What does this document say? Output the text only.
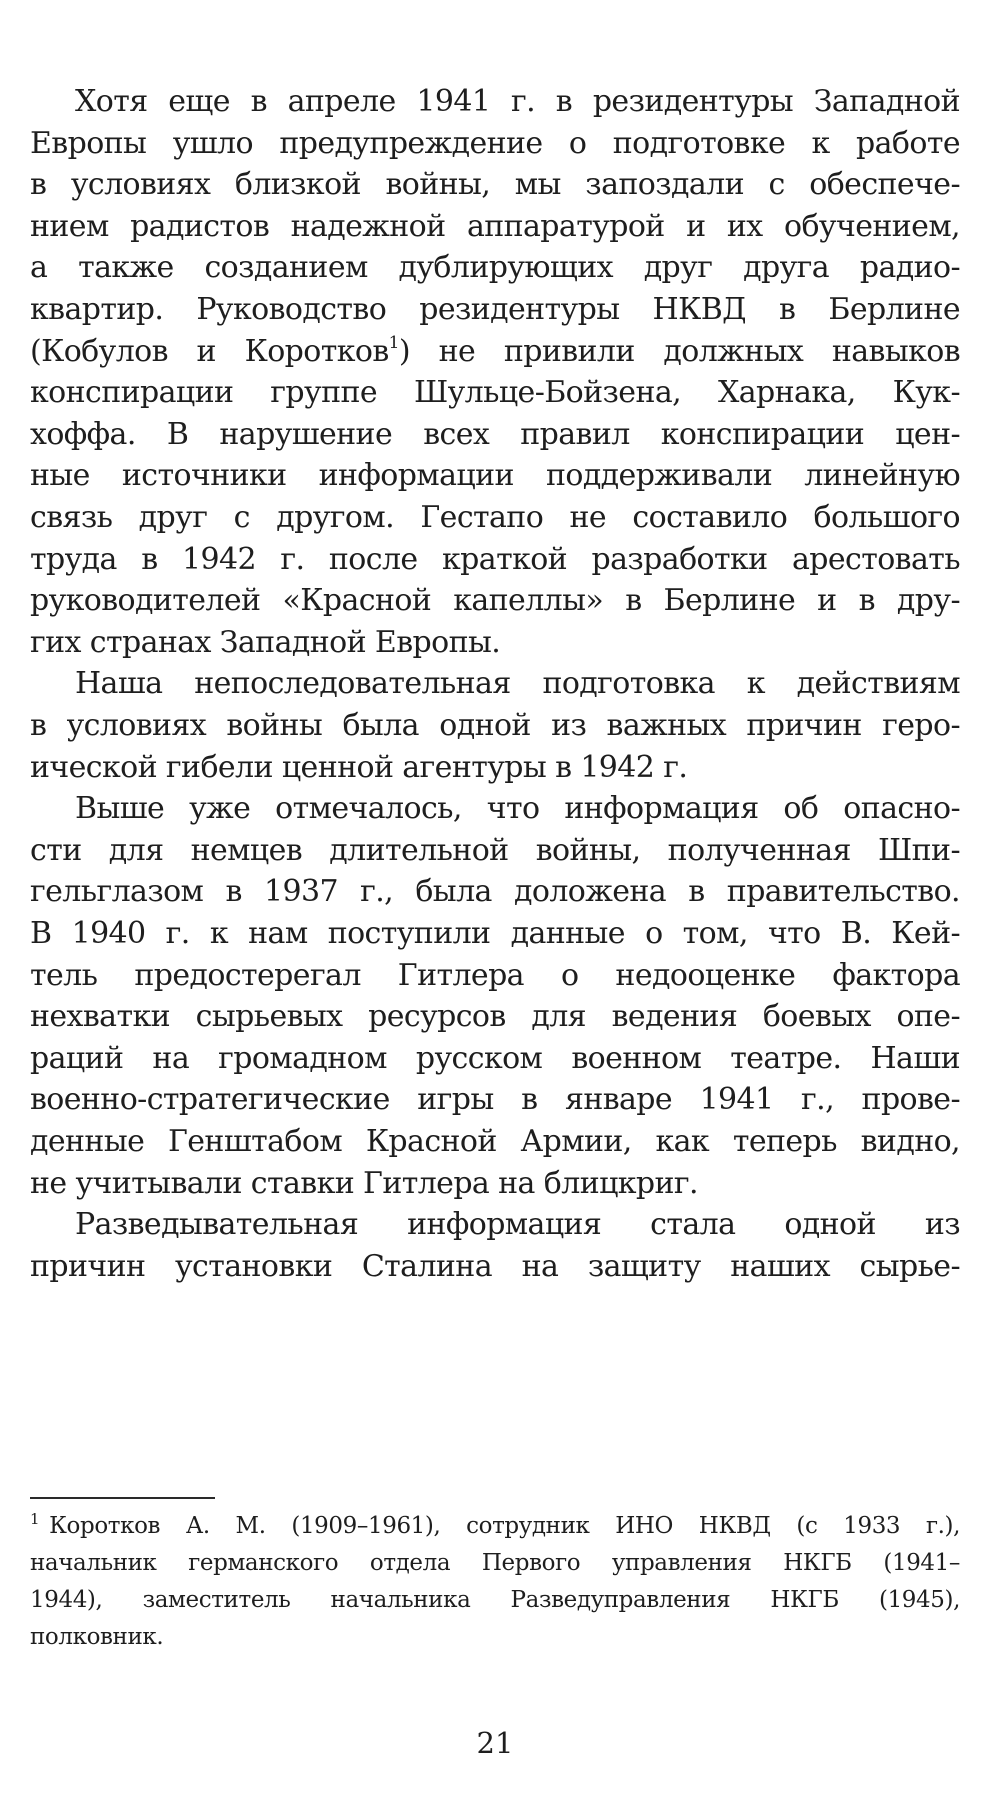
Хотя еще в апреле 1941 г. в резидентуры Западной
Европы ушло предупреждение о подготовке к работе
в условиях близкой войны, мы запоздали с обеспече-
нием радистов надежной аппаратурой и их обучением,
а также созданием дублирующих друг друга радио-
квартир. Руководство резидентуры НКВД в Берлине
(Кобулов и Коротков$^1$) не привили должных навыков
конспирации группе Шульце-Бойзена, Харнака, Кук-
хоффа. В нарушение всех правил конспирации цен-
ные источники информации поддерживали линейную
связь друг с другом. Гестапо не составило большого
труда в 1942 г. после краткой разработки арестовать
руководителей «Красной капеллы» в Берлине и в дру-
гих странах Западной Европы.
Наша непоследовательная подготовка к действиям
в условиях войны была одной из важных причин геро-
ической гибели ценной агентуры в 1942 г.
Выше уже отмечалось, что информация об опасно-
сти для немцев длительной войны, полученная Шпи-
гельглазом в 1937 г., была доложена в правительство.
В 1940 г. к нам поступили данные о том, что В. Кей-
тель предостерегал Гитлера о недооценке фактора
нехватки сырьевых ресурсов для ведения боевых опе-
раций на громадном русском военном театре. Наши
военно-стратегические игры в январе 1941 г., прове-
денные Генштабом Красной Армии, как теперь видно,
не учитывали ставки Гитлера на блицкриг.
Разведывательная информация стала одной из
причин установки Сталина на защиту наших сырье-
$^1$ Коротков А. М. (1909–1961), сотрудник ИНО НКВД (с 1933 г.),
начальник германского отдела Первого управления НКГБ (1941–
1944), заместитель начальника Разведуправления НКГБ (1945),
полковник.
21
